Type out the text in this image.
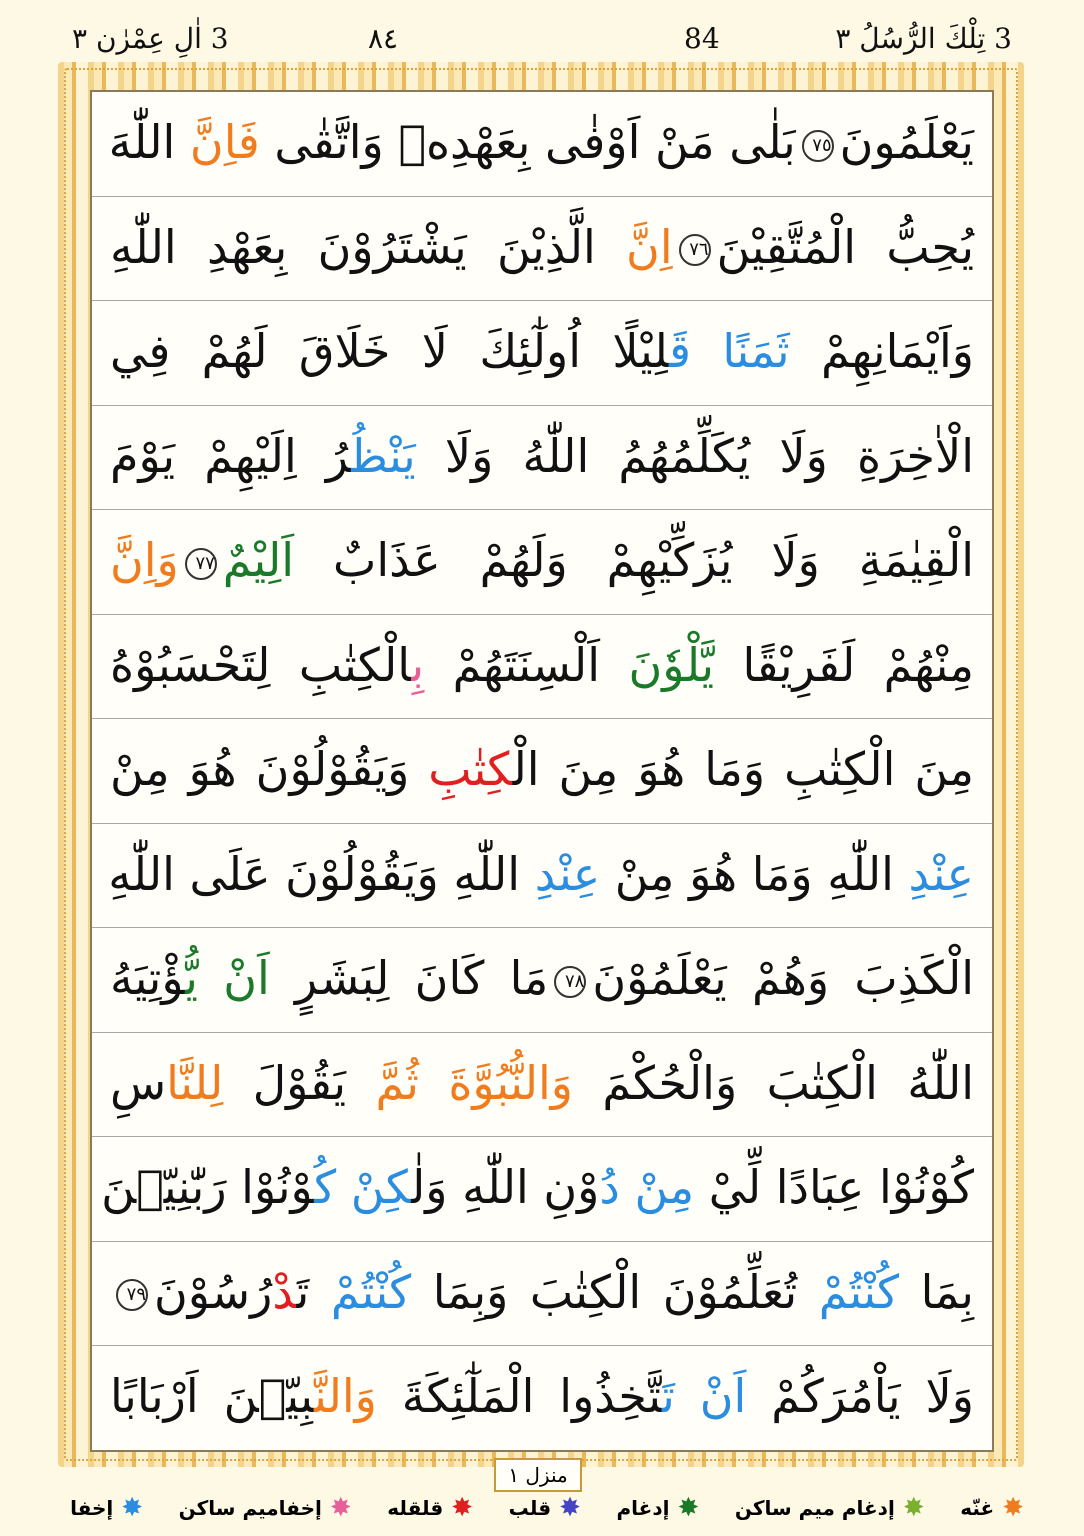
3 تِلْكَ الرُّسُلُ ٣
84
٨٤
3 اٰلِ عِمْرٰن ٣
يَعْلَمُونَ٧٥بَلٰى مَنْ اَوْفٰى بِعَهْدِهٖ وَاتَّقٰى فَاِنَّ اللّٰهَ
يُحِبُّ الْمُتَّقِيْنَ٧٦اِنَّ الَّذِيْنَ يَشْتَرُوْنَ بِعَهْدِ اللّٰهِ
وَاَيْمَانِهِمْ ثَمَنًا قَلِيْلًا اُولٰٓئِكَ لَا خَلَاقَ لَهُمْ فِي
الْاٰخِرَةِ وَلَا يُكَلِّمُهُمُ اللّٰهُ وَلَا يَنْظُرُ اِلَيْهِمْ يَوْمَ
الْقِيٰمَةِ وَلَا يُزَكِّيْهِمْ وَلَهُمْ عَذَابٌ اَلِيْمٌ٧٧وَاِنَّ
مِنْهُمْ لَفَرِيْقًا يَّلْوٗنَ اَلْسِنَتَهُمْ بِالْكِتٰبِ لِتَحْسَبُوْهُ
مِنَ الْكِتٰبِ وَمَا هُوَ مِنَ الْكِتٰبِ وَيَقُوْلُوْنَ هُوَ مِنْ
عِنْدِ اللّٰهِ وَمَا هُوَ مِنْ عِنْدِ اللّٰهِ وَيَقُوْلُوْنَ عَلَى اللّٰهِ
الْكَذِبَ وَهُمْ يَعْلَمُوْنَ٧٨مَا كَانَ لِبَشَرٍ اَنْ يُّؤْتِيَهُ
اللّٰهُ الْكِتٰبَ وَالْحُكْمَ وَالنُّبُوَّةَ ثُمَّ يَقُوْلَ لِلنَّاسِ
كُوْنُوْا عِبَادًا لِّيْ مِنْ دُوْنِ اللّٰهِ وَلٰكِنْ كُوْنُوْا رَبّٰنِيّٖنَ
بِمَا كُنْتُمْ تُعَلِّمُوْنَ الْكِتٰبَ وَبِمَا كُنْتُمْ تَدْرُسُوْنَ٧٩
وَلَا يَاْمُرَكُمْ اَنْ تَتَّخِذُوا الْمَلٰٓئِكَةَ وَالنَّبِيّٖنَ اَرْبَابًا
منزل ١
✸
إخفا	✸
إخفاميم ساكن	✸
قلقله	✸
قلب	✸
إدغام	✸
إدغام ميم ساكن	✸
غنّه
